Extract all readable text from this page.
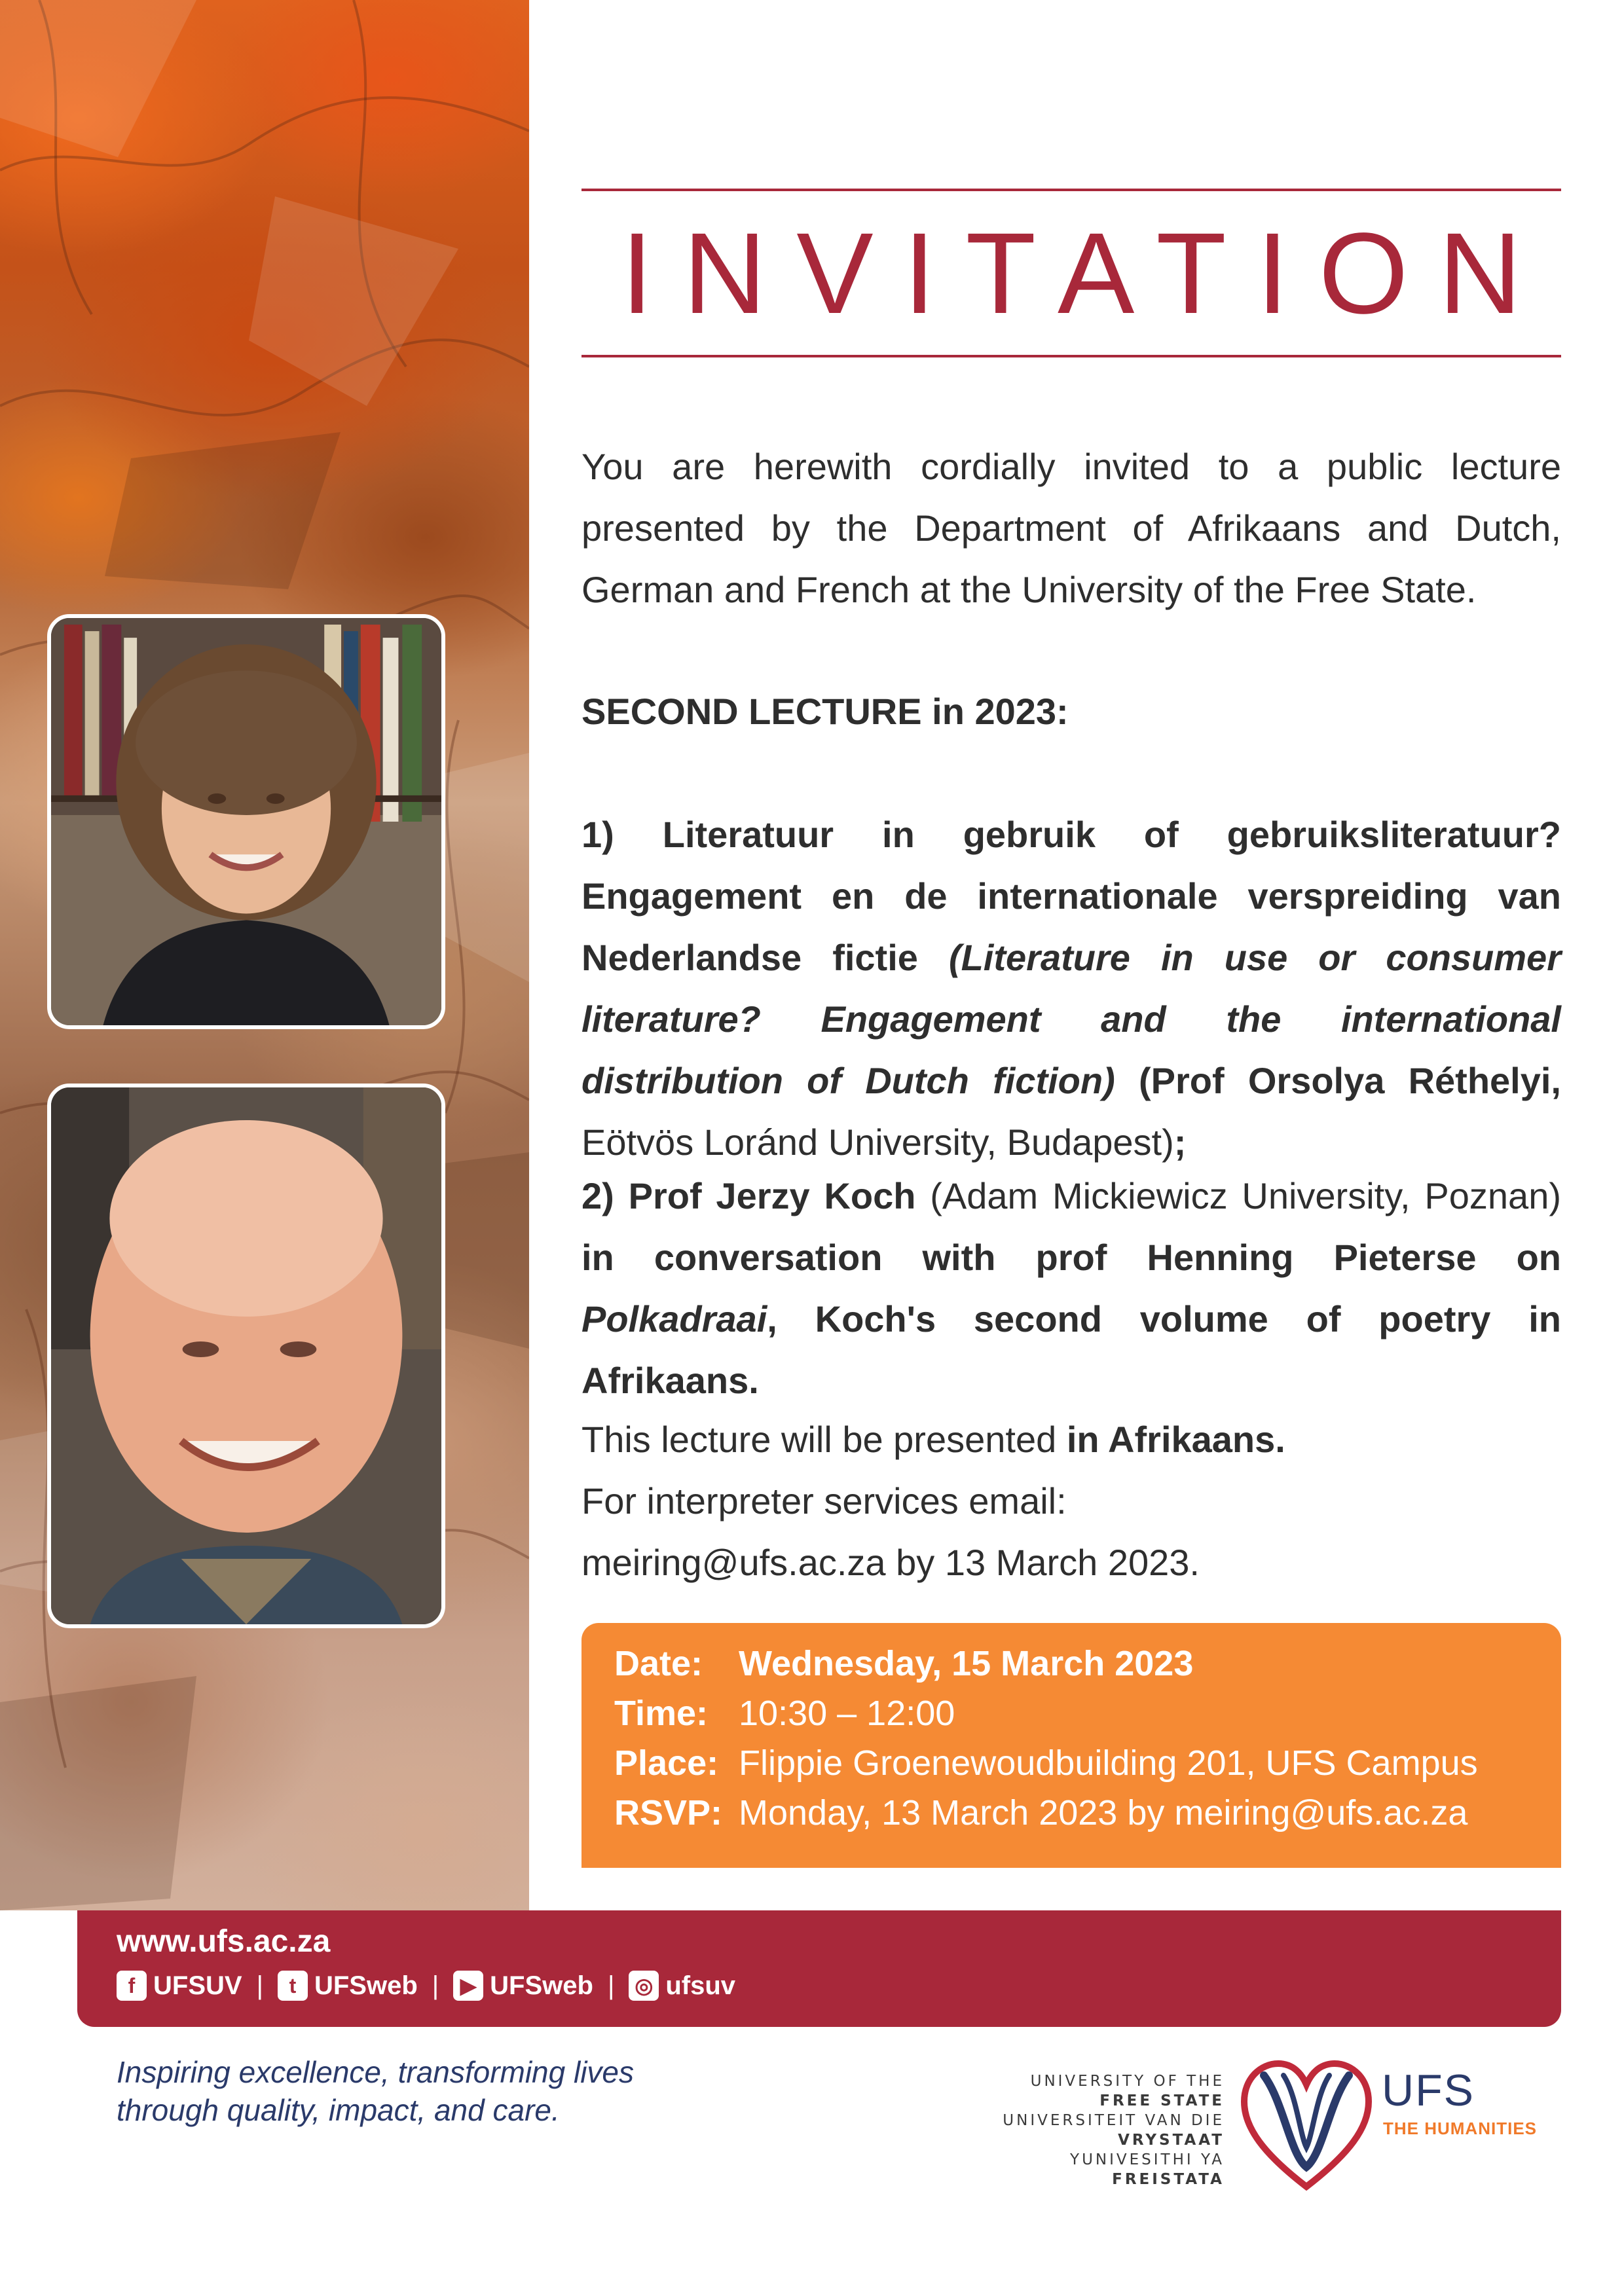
INVITATION
You are herewith cordially invited to a public lecture presented by the Department of Afrikaans and Dutch, German and French at the University of the Free State.
SECOND LECTURE in 2023:
1) Literatuur in gebruik of gebruiksliteratuur? Engagement en de internationale verspreiding van Nederlandse fictie (Literature in use or consumer literature? Engagement and the international distribution of Dutch fiction) (Prof Orsolya Réthelyi, Eötvös Loránd University, Budapest);
2) Prof Jerzy Koch (Adam Mickiewicz University, Poznan) in conversation with prof Henning Pieterse on Polkadraai, Koch's second volume of poetry in Afrikaans.
This lecture will be presented in Afrikaans.
For interpreter services email:
meiring@ufs.ac.za by 13 March 2023.
Date:	Wednesday, 15 March 2023
Time: 10:30 – 12:00
Place: Flippie Groenewoudbuilding 201, UFS Campus
RSVP: Monday, 13 March 2023 by meiring@ufs.ac.za
www.ufs.ac.za
f UFSUV |	t UFSweb |	▶ UFSweb | ◎ ufsuv
Inspiring excellence, transforming lives
through quality, impact, and care.
UNIVERSITY OF THE
FREE STATE
UNIVERSITEIT VAN DIE
VRYSTAAT
YUNIVESITHI YA
FREISTATA
UFS
THE HUMANITIES
